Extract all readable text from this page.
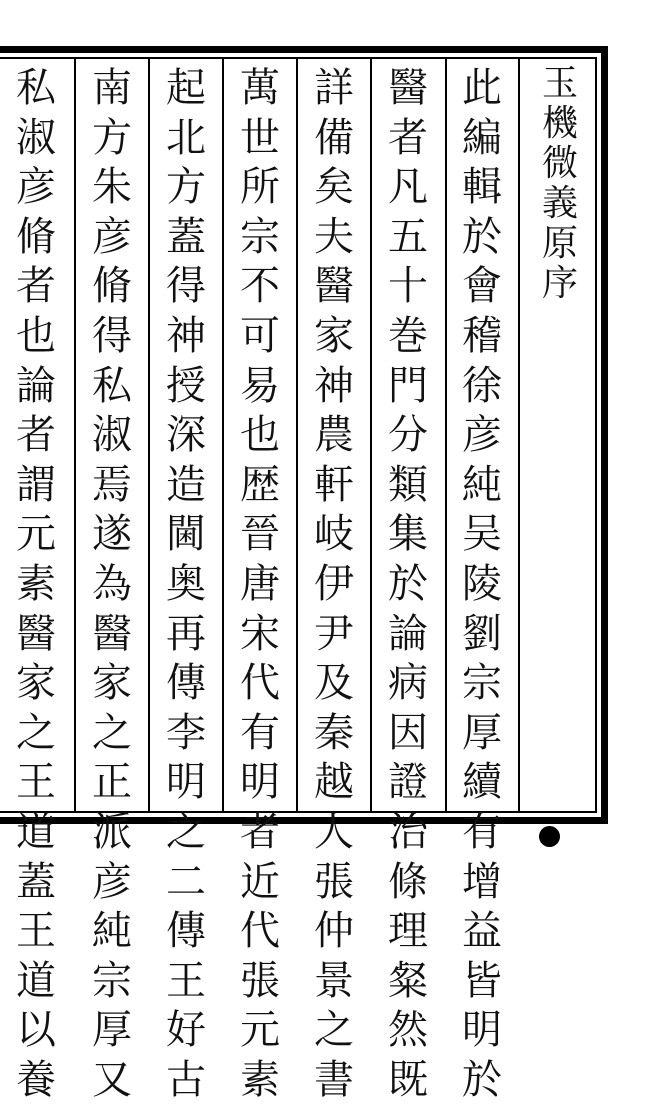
玉
機
微
義
原
序
此
編
輯
於
會
稽
徐
彦
純
吴
陵
劉
宗
厚
續
有
增
益
皆
明
於
醫
者
凡
五
十
巻
門
分
類
集
於
論
病
因
證
治
條
理
粲
然
既
詳
備
矣
夫
醫
家
神
農
軒
岐
伊
尹
及
秦
越
人
張
仲
景
之
書
萬
世
所
宗
不
可
易
也
歴
晉
唐
宋
代
有
明
者
近
代
張
元
素
起
北
方
蓋
得
神
授
深
造
閫
奥
再
傳
李
明
之
二
傳
王
好
古
南
方
朱
彦
脩
得
私
淑
焉
遂
為
醫
家
之
正
派
彦
純
宗
厚
又
私
淑
彦
脩
者
也
論
者
謂
元
素
醫
家
之
王
道
蓋
王
道
以
養
